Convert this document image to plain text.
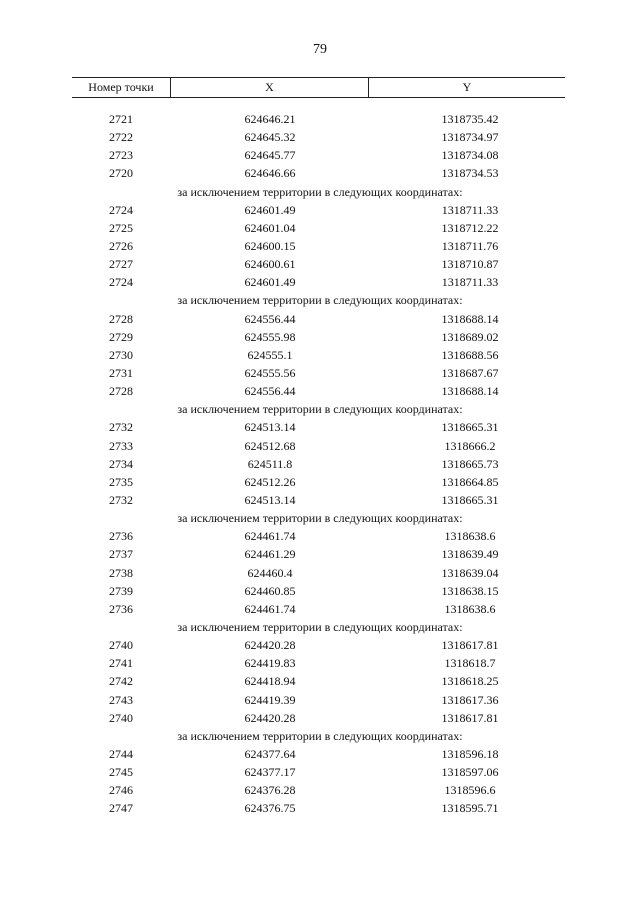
79
Номер точки	X	Y
2721	624646.21	1318735.42
2722	624645.32	1318734.97
2723	624645.77	1318734.08
2720	624646.66	1318734.53
за исключением территории в следующих координатах:
2724	624601.49	1318711.33
2725	624601.04	1318712.22
2726	624600.15	1318711.76
2727	624600.61	1318710.87
2724	624601.49	1318711.33
за исключением территории в следующих координатах:
2728	624556.44	1318688.14
2729	624555.98	1318689.02
2730	624555.1	1318688.56
2731	624555.56	1318687.67
2728	624556.44	1318688.14
за исключением территории в следующих координатах:
2732	624513.14	1318665.31
2733	624512.68	1318666.2
2734	624511.8	1318665.73
2735	624512.26	1318664.85
2732	624513.14	1318665.31
за исключением территории в следующих координатах:
2736	624461.74	1318638.6
2737	624461.29	1318639.49
2738	624460.4	1318639.04
2739	624460.85	1318638.15
2736	624461.74	1318638.6
за исключением территории в следующих координатах:
2740	624420.28	1318617.81
2741	624419.83	1318618.7
2742	624418.94	1318618.25
2743	624419.39	1318617.36
2740	624420.28	1318617.81
за исключением территории в следующих координатах:
2744	624377.64	1318596.18
2745	624377.17	1318597.06
2746	624376.28	1318596.6
2747	624376.75	1318595.71
